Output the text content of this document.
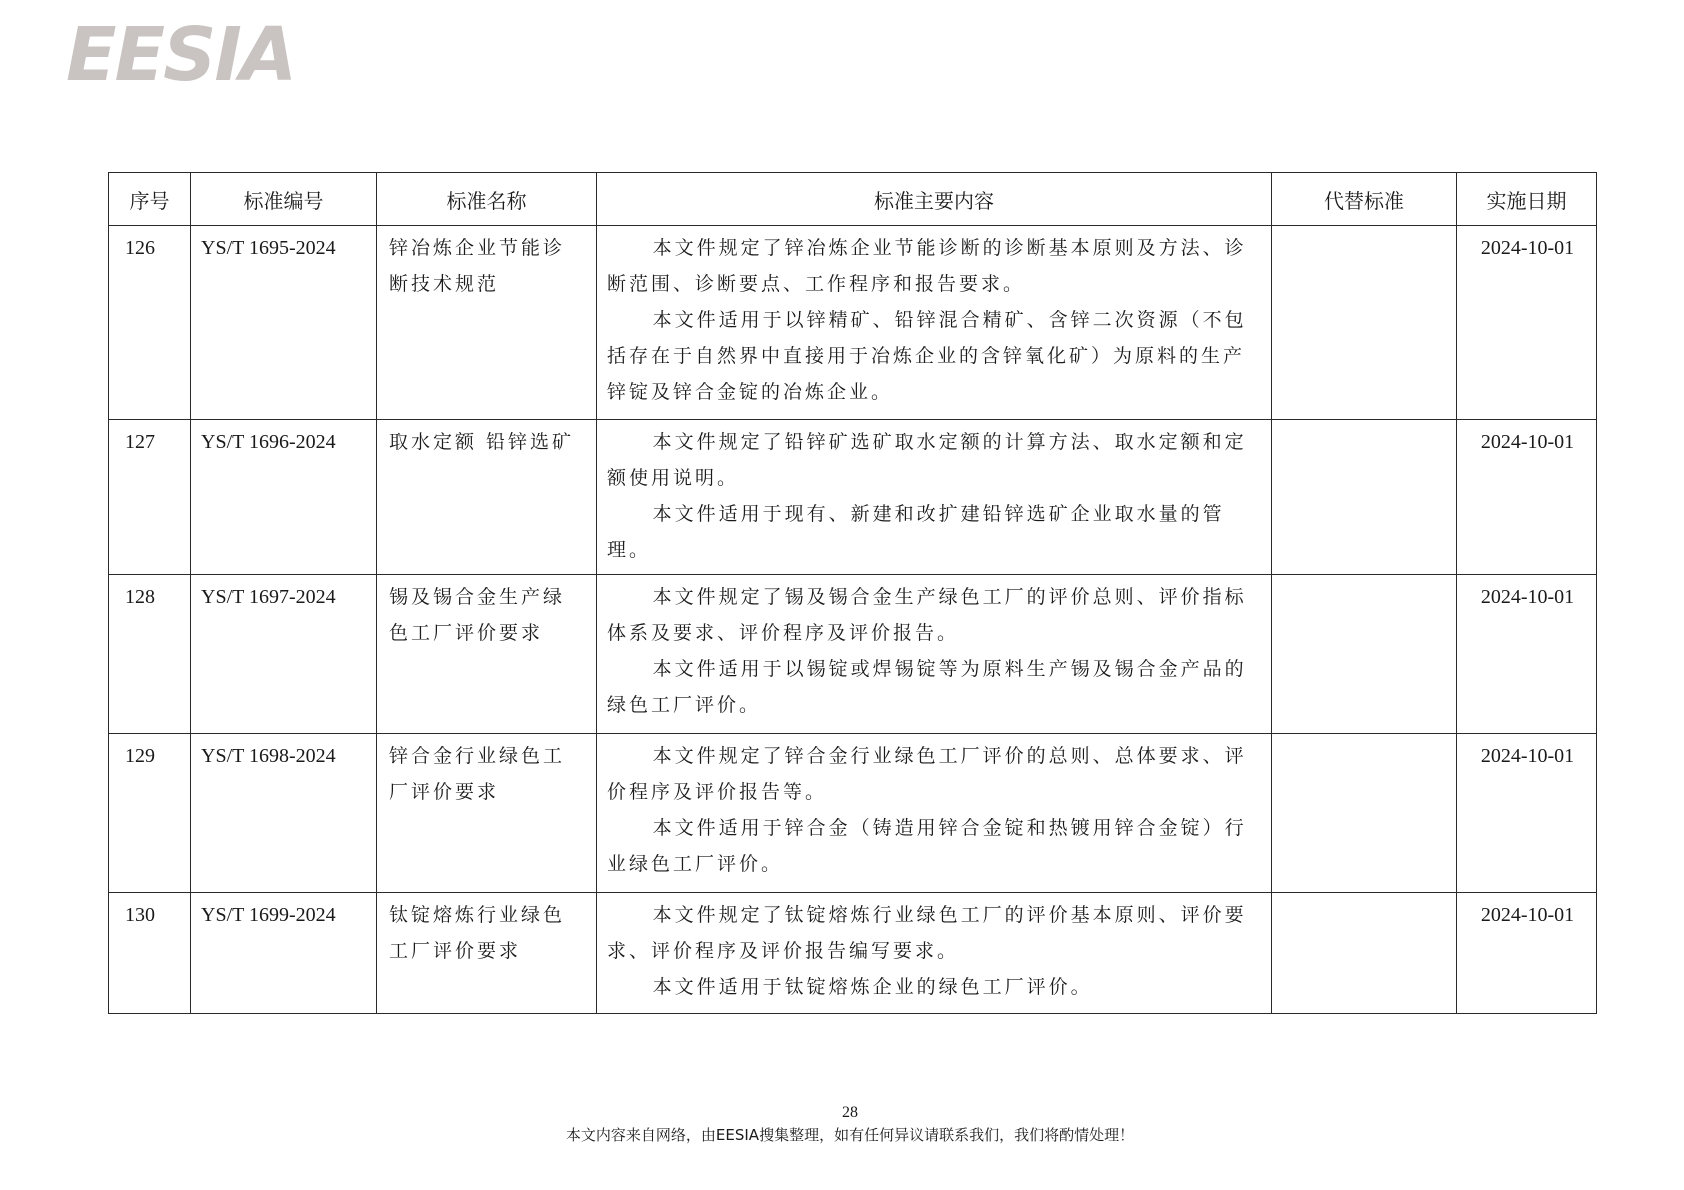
EESIA
序号	标准编号	标准名称	标准主要内容	代替标准	实施日期
126	YS/T 1695-2024	锌冶炼企业节能诊断技术规范	本文件规定了锌冶炼企业节能诊断的诊断基本原则及方法、诊断范围、诊断要点、工作程序和报告要求。

本文件适用于以锌精矿、铅锌混合精矿、含锌二次资源（不包括存在于自然界中直接用于冶炼企业的含锌氧化矿）为原料的生产锌锭及锌合金锭的冶炼企业。		2024-10-01
127	YS/T 1696-2024	取水定额 铅锌选矿	本文件规定了铅锌矿选矿取水定额的计算方法、取水定额和定额使用说明。

本文件适用于现有、新建和改扩建铅锌选矿企业取水量的管理。		2024-10-01
128	YS/T 1697-2024	锡及锡合金生产绿色工厂评价要求	本文件规定了锡及锡合金生产绿色工厂的评价总则、评价指标体系及要求、评价程序及评价报告。

本文件适用于以锡锭或焊锡锭等为原料生产锡及锡合金产品的绿色工厂评价。		2024-10-01
129	YS/T 1698-2024	锌合金行业绿色工厂评价要求	本文件规定了锌合金行业绿色工厂评价的总则、总体要求、评价程序及评价报告等。

本文件适用于锌合金（铸造用锌合金锭和热镀用锌合金锭）行业绿色工厂评价。		2024-10-01
130	YS/T 1699-2024	钛锭熔炼行业绿色工厂评价要求	本文件规定了钛锭熔炼行业绿色工厂的评价基本原则、评价要求、评价程序及评价报告编写要求。

本文件适用于钛锭熔炼企业的绿色工厂评价。		2024-10-01
28
本文内容来自网络，由EESIA搜集整理，如有任何异议请联系我们，我们将酌情处理！
